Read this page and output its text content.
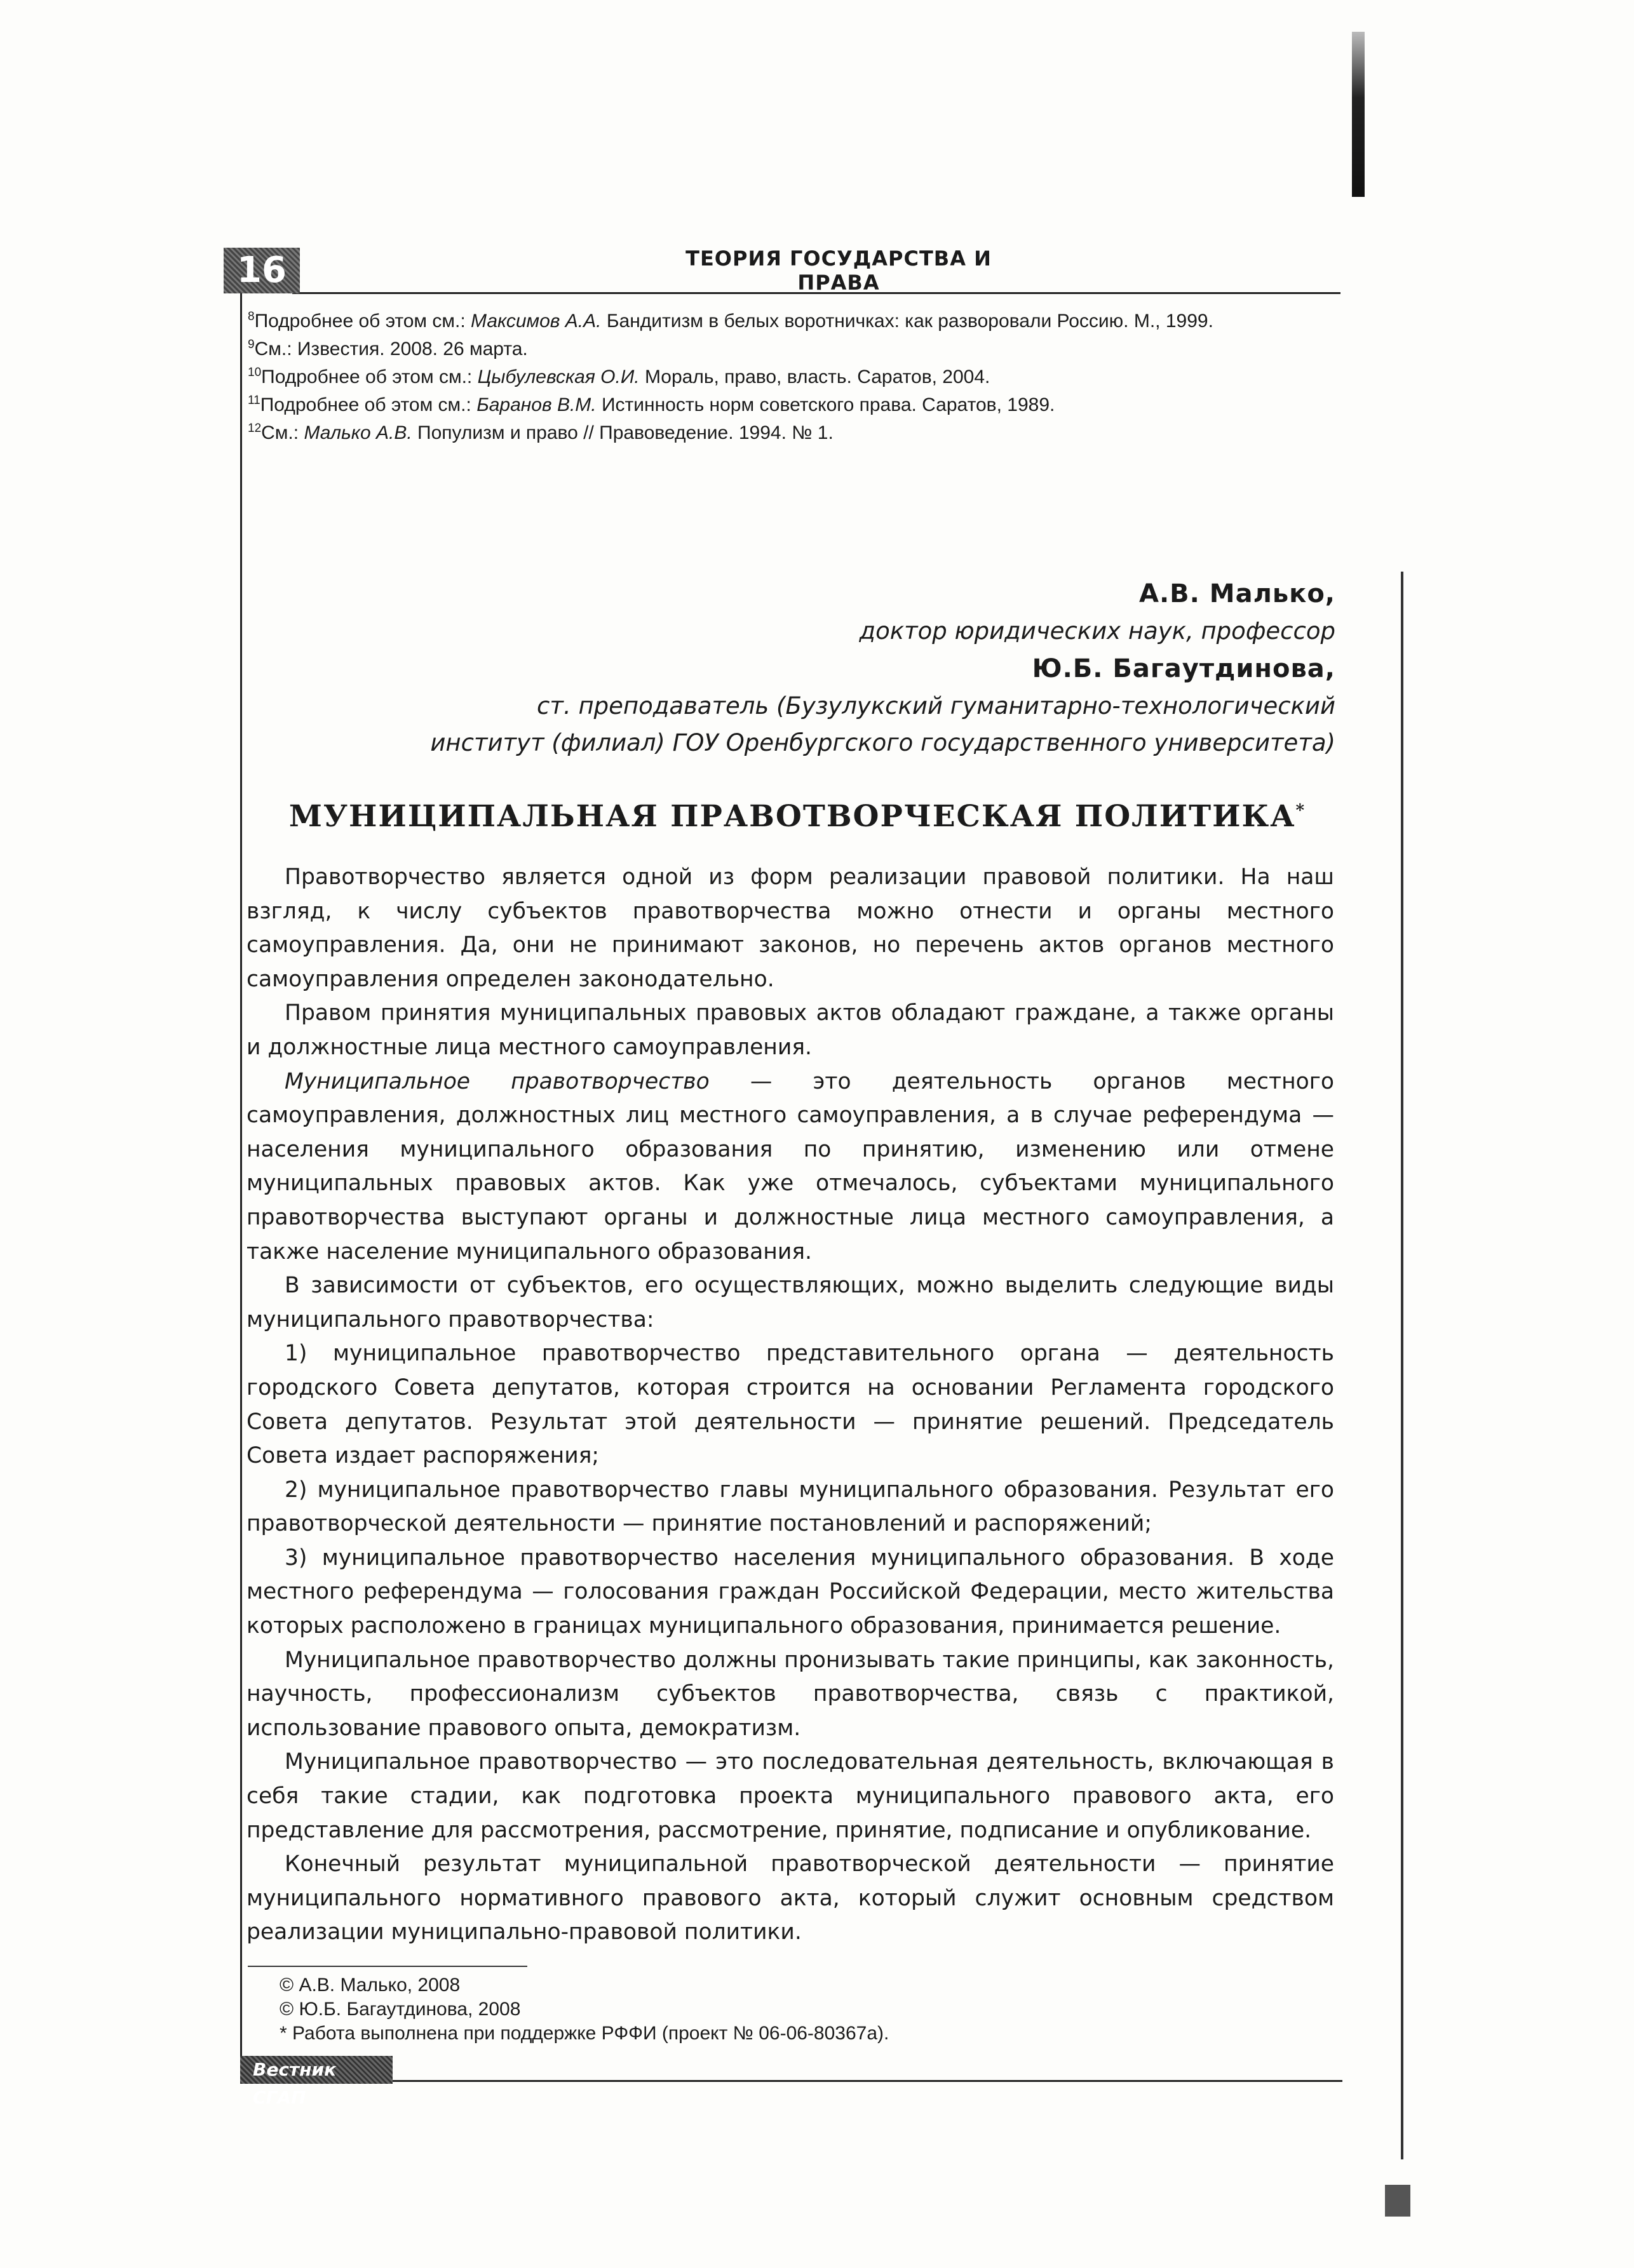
16	ТЕОРИЯ ГОСУДАРСТВА И ПРАВА

$^8$Подробнее об этом см.: Максимов А.А. Бандитизм в белых воротничках: как разворовали Россию. М., 1999.

$^9$См.: Известия. 2008. 26 марта.

$^{10}$Подробнее об этом см.: Цыбулевская О.И. Мораль, право, власть. Саратов, 2004.

$^{11}$Подробнее об этом см.: Баранов В.М. Истинность норм советского права. Саратов, 1989.

$^{12}$См.: Малько А.В. Популизм и право // Правоведение. 1994. № 1.

А.В. Малько,
доктор юридических наук, профессор
Ю.Б. Багаутдинова,
ст. преподаватель (Бузулукский гуманитарно-технологический
институт (филиал) ГОУ Оренбургского государственного университета)
МУНИЦИПАЛЬНАЯ ПРАВОТВОРЧЕСКАЯ ПОЛИТИКА*

Правотворчество является одной из форм реализации правовой политики. На наш взгляд, к числу субъектов правотворчества можно отнести и органы местного самоуправления. Да, они не принимают законов, но перечень актов органов местного самоуправления определен законодательно.

Правом принятия муниципальных правовых актов обладают граждане, а также органы и должностные лица местного самоуправления.

Муниципальное правотворчество — это деятельность органов местного самоуправления, должностных лиц местного самоуправления, а в случае референдума — населения муниципального образования по принятию, изменению или отмене муниципальных правовых актов. Как уже отмечалось, субъектами муниципального правотворчества выступают органы и должностные лица местного самоуправления, а также население муниципального образования.

В зависимости от субъектов, его осуществляющих, можно выделить следующие виды муниципального правотворчества:

1) муниципальное правотворчество представительного органа — деятельность городского Совета депутатов, которая строится на основании Регламента городского Совета депутатов. Результат этой деятельности — принятие решений. Председатель Совета издает распоряжения;

2) муниципальное правотворчество главы муниципального образования. Результат его правотворческой деятельности — принятие постановлений и распоряжений;

3) муниципальное правотворчество населения муниципального образования. В ходе местного референдума — голосования граждан Российской Федерации, место жительства которых расположено в границах муниципального образования, принимается решение.

Муниципальное правотворчество должны пронизывать такие принципы, как законность, научность, профессионализм субъектов правотворчества, связь с практикой, использование правового опыта, демократизм.

Муниципальное правотворчество — это последовательная деятельность, включающая в себя такие стадии, как подготовка проекта муниципального правового акта, его представление для рассмотрения, рассмотрение, принятие, подписание и опубликование.

Конечный результат муниципальной правотворческой деятельности — принятие муниципального нормативного правового акта, который служит основным средством реализации муниципально-правовой политики.

© А.В. Малько, 2008

© Ю.Б. Багаутдинова, 2008

* Работа выполнена при поддержке РФФИ (проект № 06-06-80367а).

Вестник СГАП
